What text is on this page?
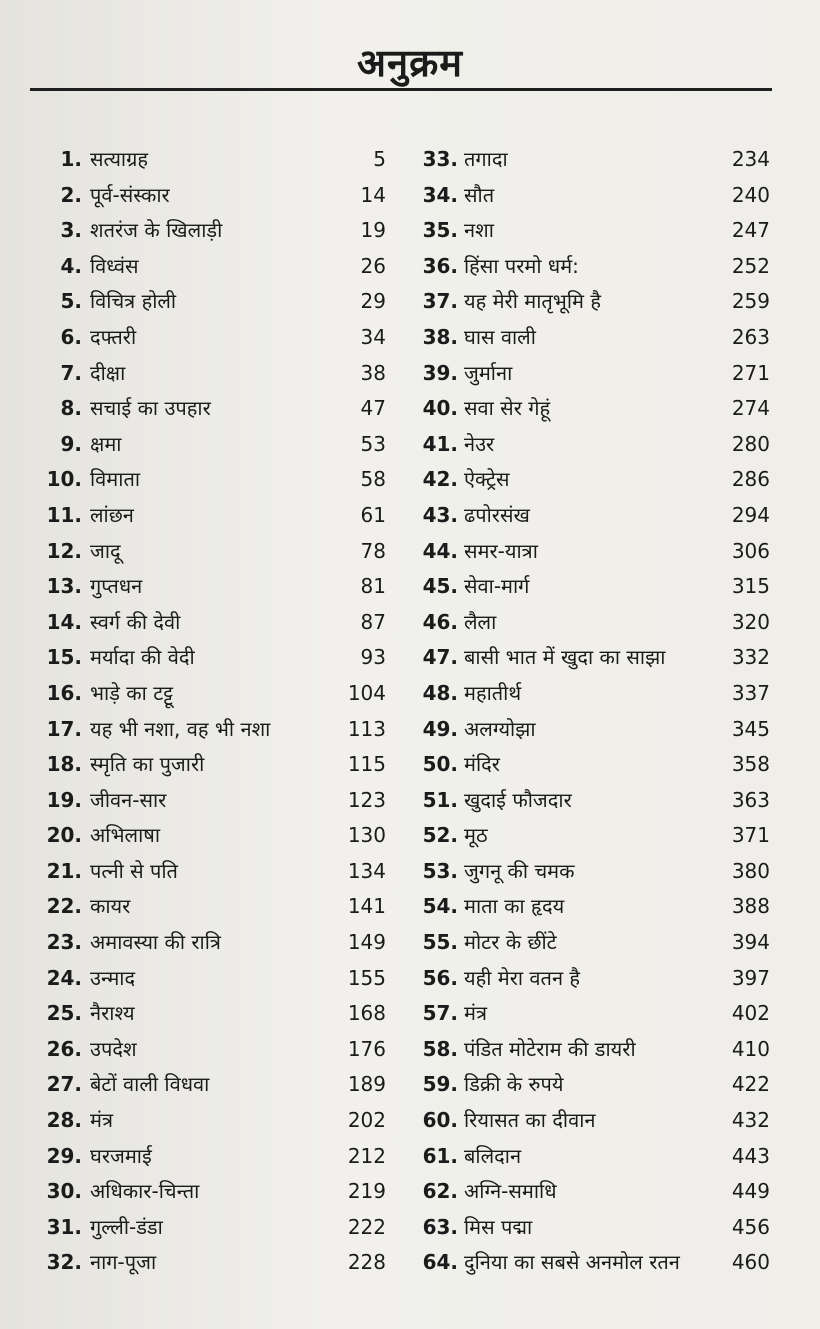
अनुक्रम
1. सत्याग्रह	5
2. पूर्व-संस्कार	14
3. शतरंज के खिलाड़ी	19
4. विध्वंस	26
5. विचित्र होली	29
6. दफ्तरी	34
7. दीक्षा	38
8. सचाई का उपहार	47
9. क्षमा	53
10. विमाता	58
11. लांछन	61
12. जादू	78
13. गुप्तधन	81
14. स्वर्ग की देवी	87
15. मर्यादा की वेदी	93
16. भाड़े का टट्टू	104
17. यह भी नशा, वह भी नशा	113
18. स्मृति का पुजारी	115
19. जीवन-सार	123
20. अभिलाषा	130
21. पत्नी से पति	134
22. कायर	141
23. अमावस्या की रात्रि	149
24. उन्माद	155
25. नैराश्य	168
26. उपदेश	176
27. बेटों वाली विधवा	189
28. मंत्र	202
29. घरजमाई	212
30. अधिकार-चिन्ता	219
31. गुल्ली-डंडा	222
32. नाग-पूजा	228
33. तगादा	234
34. सौत	240
35. नशा	247
36. हिंसा परमो धर्म:	252
37. यह मेरी मातृभूमि है	259
38. घास वाली	263
39. जुर्माना	271
40. सवा सेर गेहूं	274
41. नेउर	280
42. ऐक्ट्रेस	286
43. ढपोरसंख	294
44. समर-यात्रा	306
45. सेवा-मार्ग	315
46. लैला	320
47. बासी भात में खुदा का साझा	332
48. महातीर्थ	337
49. अलग्योझा	345
50. मंदिर	358
51. खुदाई फौजदार	363
52. मूठ	371
53. जुगनू की चमक	380
54. माता का हृदय	388
55. मोटर के छींटे	394
56. यही मेरा वतन है	397
57. मंत्र	402
58. पंडित मोटेराम की डायरी	410
59. डिक्री के रुपये	422
60. रियासत का दीवान	432
61. बलिदान	443
62. अग्नि-समाधि	449
63. मिस पद्मा	456
64. दुनिया का सबसे अनमोल रतन	460
